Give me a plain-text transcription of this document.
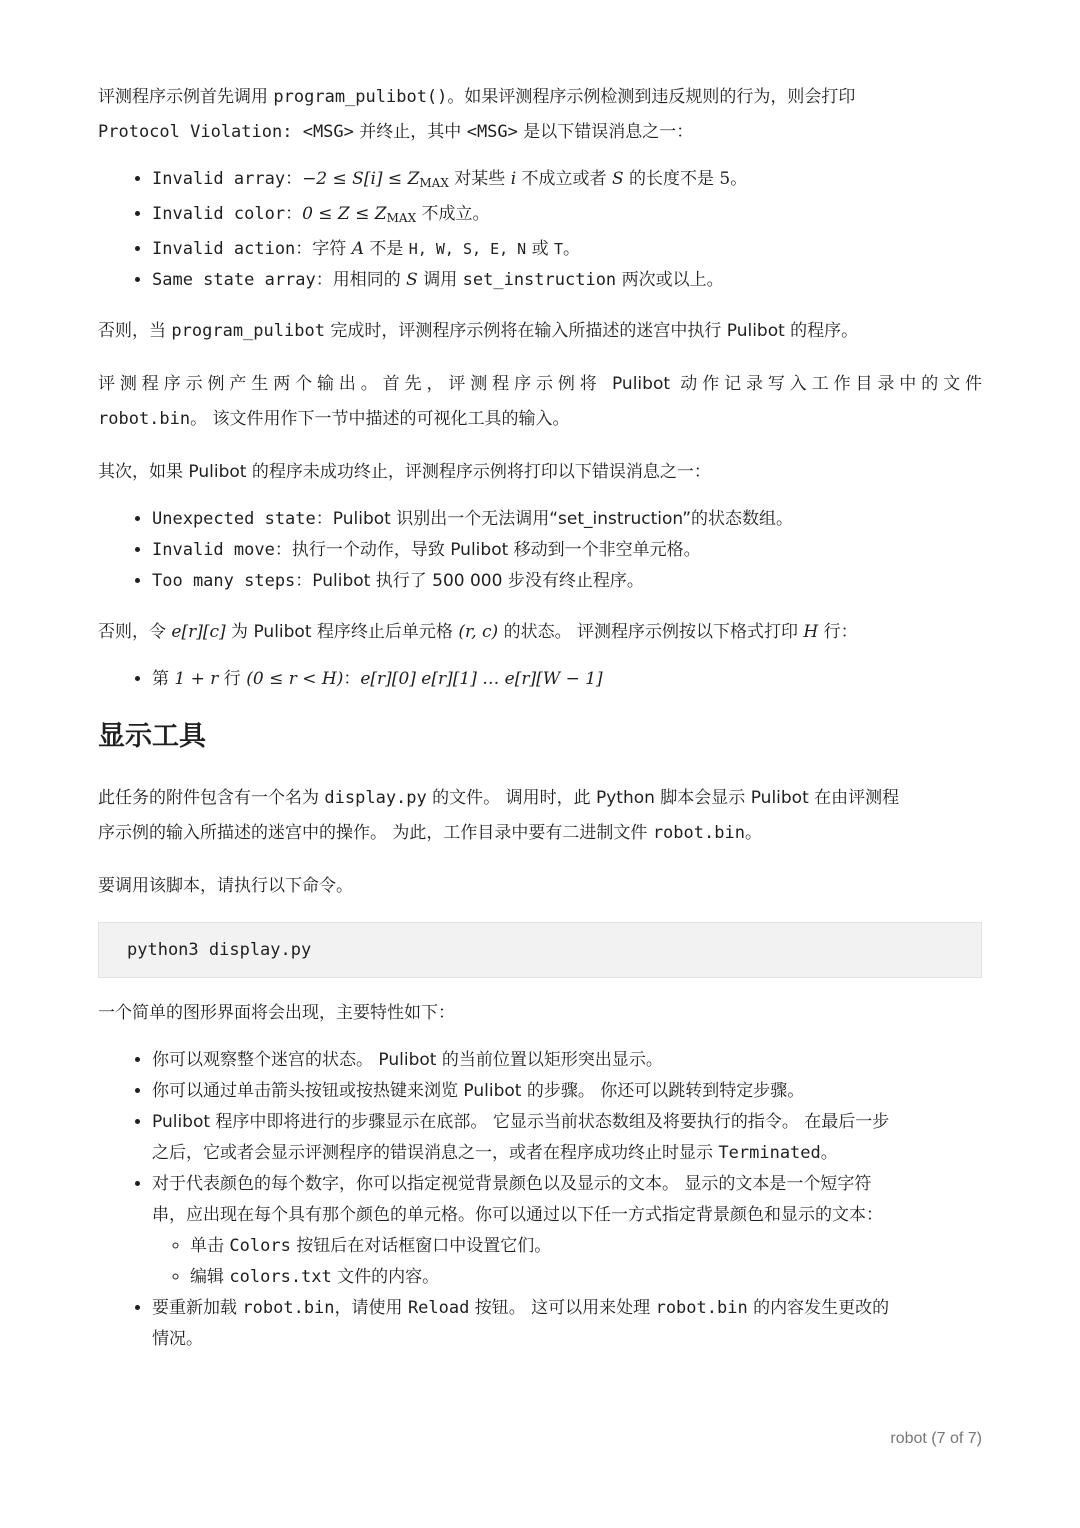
评测程序示例首先调用 program_pulibot()。如果评测程序示例检测到违反规则的行为，则会打印
Protocol Violation: <MSG> 并终止，其中 <MSG> 是以下错误消息之一：

• Invalid array：$-2 \le S[i] \le Z_{MAX}$ 对某些 i 不成立或者 S 的长度不是 5。
• Invalid color：$0 \le Z \le Z_{MAX}$ 不成立。
• Invalid action：字符 A 不是 H, W, S, E, N 或 T。
• Same state array：用相同的 S 调用 set_instruction 两次或以上。

否则，当 program_pulibot 完成时，评测程序示例将在输入所描述的迷宫中执行 Pulibot 的程序。

评测程序示例产生两个输出。首先，评测程序示例将 Pulibot 动作记录写入工作目录中的文件
robot.bin。 该文件用作下一节中描述的可视化工具的输入。

其次，如果 Pulibot 的程序未成功终止，评测程序示例将打印以下错误消息之一：

• Unexpected state：Pulibot 识别出一个无法调用“set_instruction”的状态数组。
• Invalid move：执行一个动作，导致 Pulibot 移动到一个非空单元格。
• Too many steps：Pulibot 执行了 500 000 步没有终止程序。

否则，令 e[r][c] 为 Pulibot 程序终止后单元格 (r, c) 的状态。 评测程序示例按以下格式打印 H 行：

• 第 1 + r 行 (0 ≤ r < H)：e[r][0] e[r][1] … e[r][W − 1]
显示工具

此任务的附件包含有一个名为 display.py 的文件。 调用时，此 Python 脚本会显示 Pulibot 在由评测程
序示例的输入所描述的迷宫中的操作。 为此，工作目录中要有二进制文件 robot.bin。

要调用该脚本，请执行以下命令。

python3 display.py

一个简单的图形界面将会出现，主要特性如下：

• 你可以观察整个迷宫的状态。 Pulibot 的当前位置以矩形突出显示。
• 你可以通过单击箭头按钮或按热键来浏览 Pulibot 的步骤。 你还可以跳转到特定步骤。
• Pulibot 程序中即将进行的步骤显示在底部。 它显示当前状态数组及将要执行的指令。 在最后一步
之后，它或者会显示评测程序的错误消息之一，或者在程序成功终止时显示 Terminated。
• 对于代表颜色的每个数字，你可以指定视觉背景颜色以及显示的文本。 显示的文本是一个短字符
串，应出现在每个具有那个颜色的单元格。你可以通过以下任一方式指定背景颜色和显示的文本：
◦ 单击 Colors 按钮后在对话框窗口中设置它们。
◦ 编辑 colors.txt 文件的内容。
• 要重新加载 robot.bin，请使用 Reload 按钮。 这可以用来处理 robot.bin 的内容发生更改的
情况。
robot (7 of 7)
